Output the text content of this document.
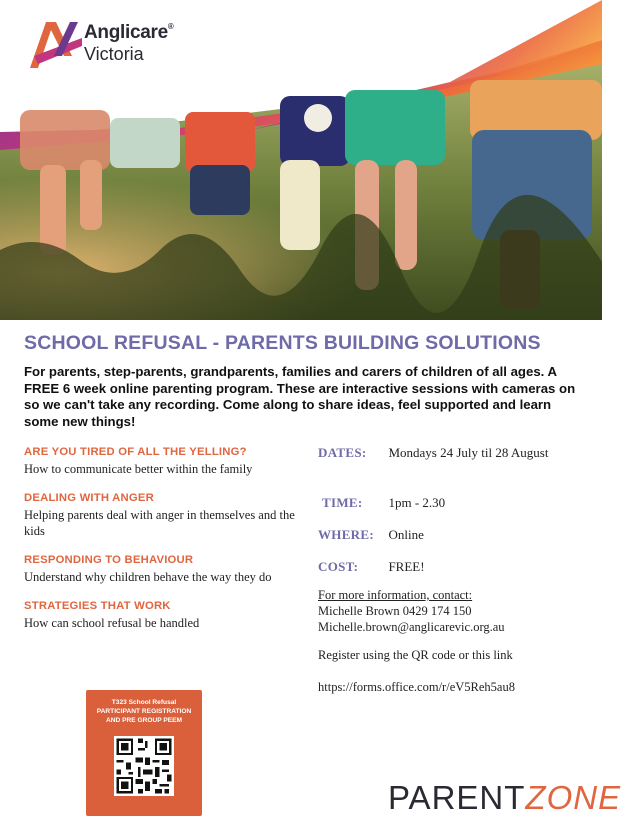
Anglicare®
Victoria
SCHOOL REFUSAL - PARENTS BUILDING SOLUTIONS
For parents, step-parents, grandparents, families and carers of children of all ages. A FREE 6 week online parenting program. These are interactive sessions with cameras on so we can't take any recording. Come along to share ideas, feel supported and learn some new things!
ARE YOU TIRED OF ALL THE YELLING?
How to communicate better within the family
DEALING WITH ANGER
Helping parents deal with anger in themselves and the kids
RESPONDING TO BEHAVIOUR
Understand why children behave the way they do
STRATEGIES THAT WORK
How can school refusal be handled
DATES: Mondays 24 July til 28 August
TIME: 1pm - 2.30
WHERE: Online
COST: FREE!
For more information, contact:
Michelle Brown 0429 174 150
Michelle.brown@anglicarevic.org.au
Register using the QR code or this link
https://forms.office.com/r/eV5Reh5au8
T323 School Refusal PARTICIPANT REGISTRATION AND PRE GROUP PEEM
PARENTZONE
